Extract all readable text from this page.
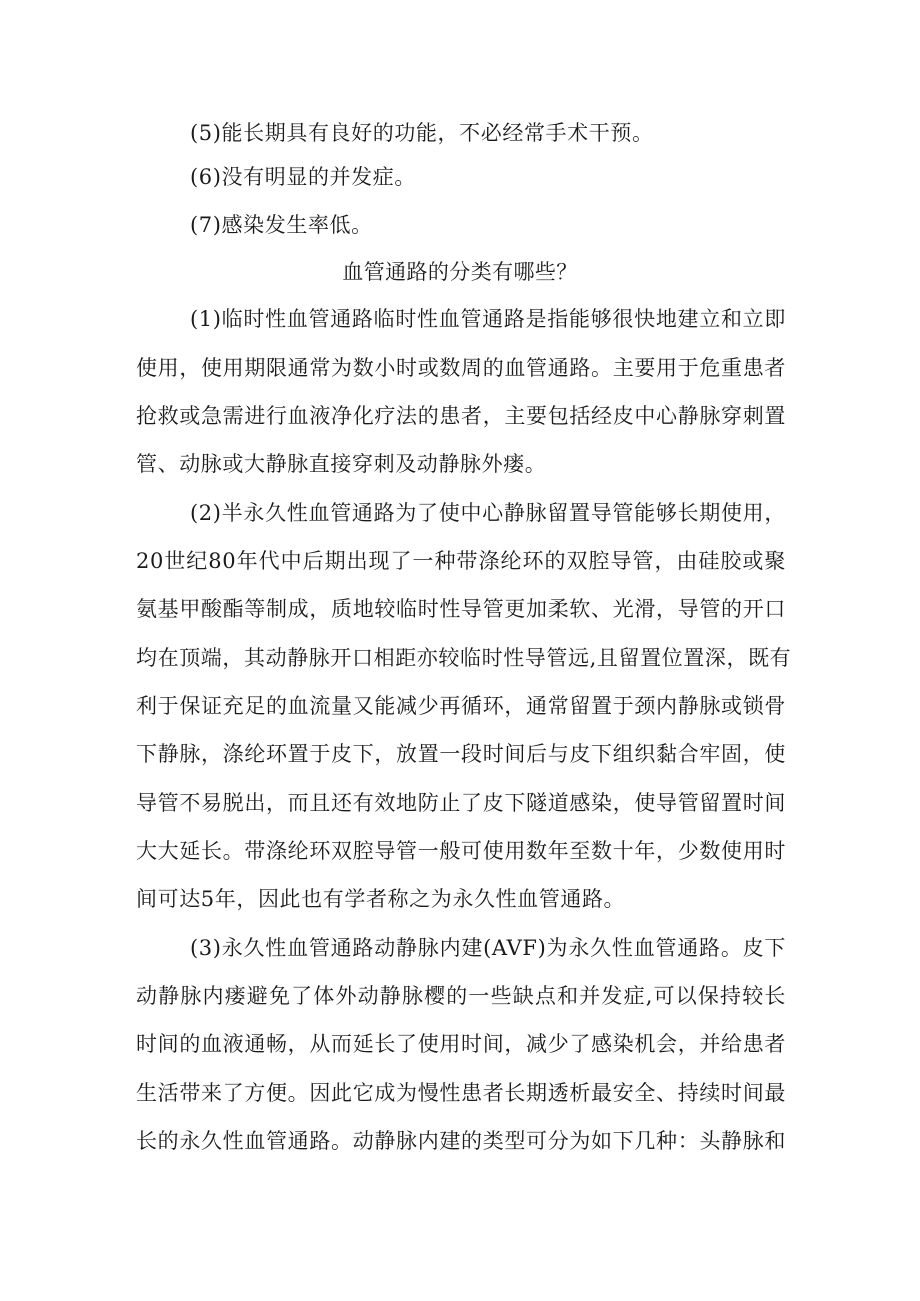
(5)能长期具有良好的功能，不必经常手术干预。
(6)没有明显的并发症。
(7)感染发生率低。
血管通路的分类有哪些？
(1)临时性血管通路临时性血管通路是指能够很快地建立和立即
使用，使用期限通常为数小时或数周的血管通路。主要用于危重患者
抢救或急需进行血液净化疗法的患者，主要包括经皮中心静脉穿刺置
管、动脉或大静脉直接穿刺及动静脉外瘘。
(2)半永久性血管通路为了使中心静脉留置导管能够长期使用，
20世纪80年代中后期出现了一种带涤纶环的双腔导管，由硅胶或聚
氨基甲酸酯等制成，质地较临时性导管更加柔软、光滑，导管的开口
均在顶端，其动静脉开口相距亦较临时性导管远,且留置位置深，既有
利于保证充足的血流量又能减少再循环，通常留置于颈内静脉或锁骨
下静脉，涤纶环置于皮下，放置一段时间后与皮下组织黏合牢固，使
导管不易脱出，而且还有效地防止了皮下隧道感染，使导管留置时间
大大延长。带涤纶环双腔导管一般可使用数年至数十年，少数使用时
间可达5年，因此也有学者称之为永久性血管通路。
(3)永久性血管通路动静脉内建(AVF)为永久性血管通路。皮下
动静脉内瘘避免了体外动静脉樱的一些缺点和并发症,可以保持较长
时间的血液通畅，从而延长了使用时间，减少了感染机会，并给患者
生活带来了方便。因此它成为慢性患者长期透析最安全、持续时间最
长的永久性血管通路。动静脉内建的类型可分为如下几种：头静脉和
